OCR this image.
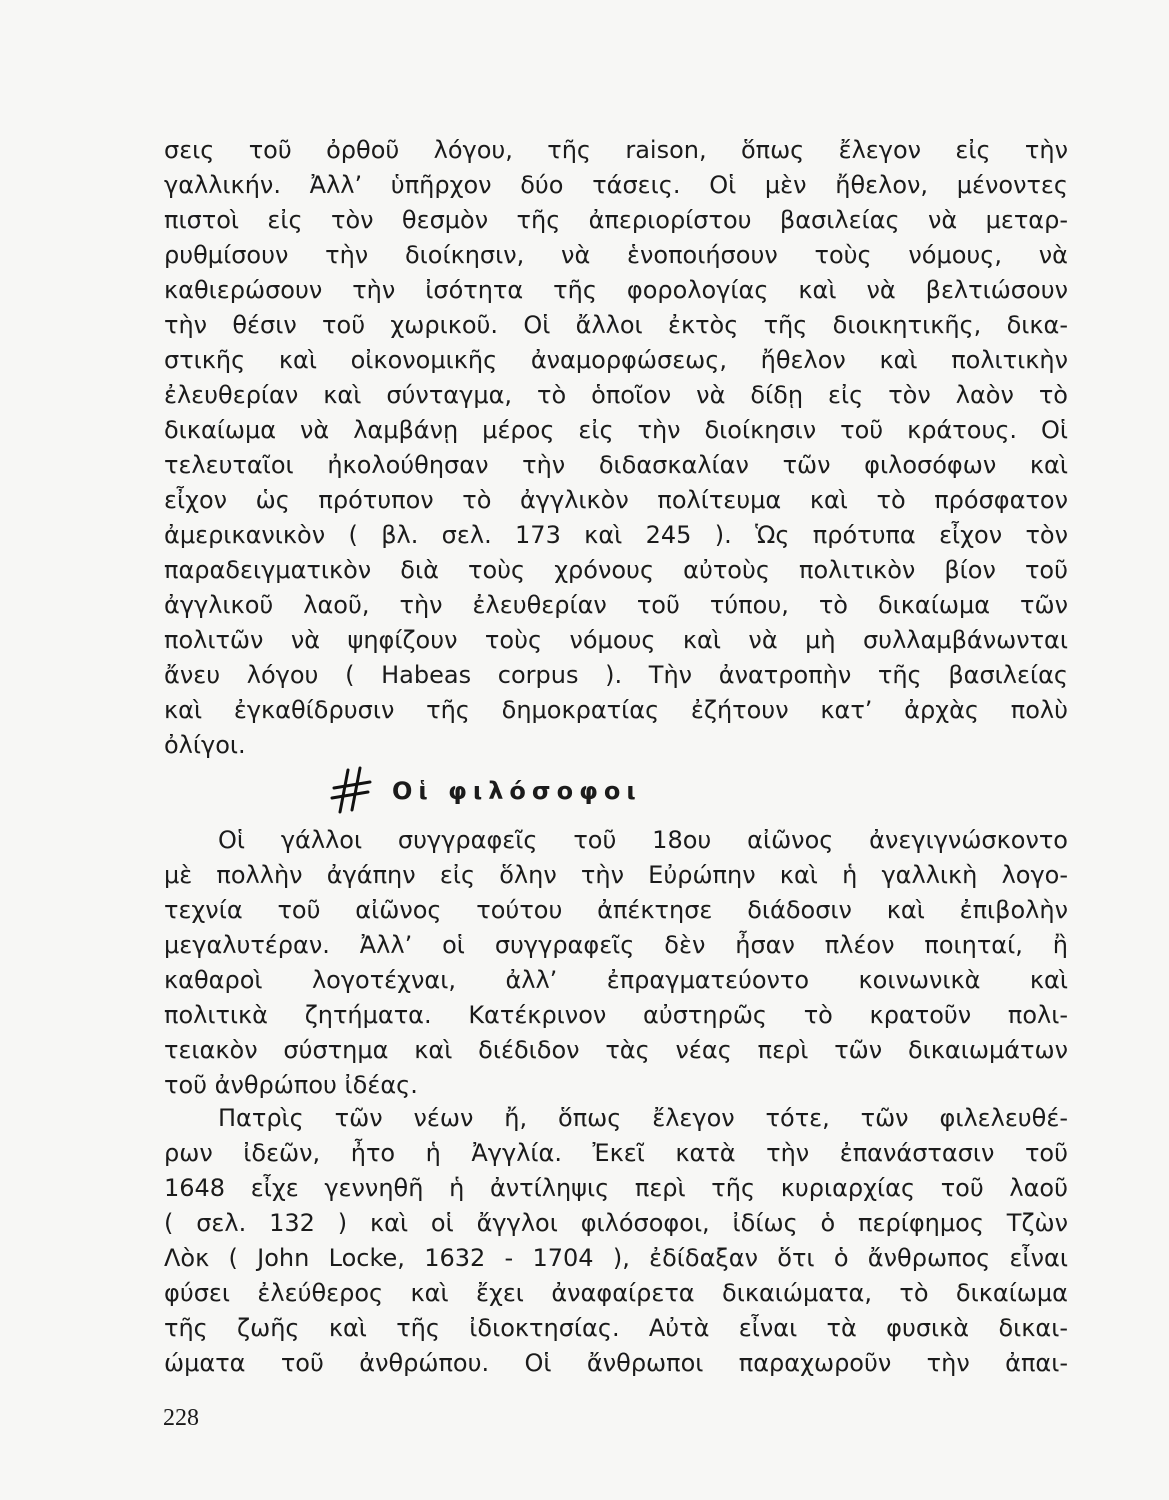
σεις τοῦ ὀρθοῦ λόγου, τῆς raison, ὅπως ἔλεγον εἰς τὴν
γαλλικήν. Ἀλλ’ ὑπῆρχον δύο τάσεις. Οἱ μὲν ἤθελον, μένοντες
πιστοὶ εἰς τὸν θεσμὸν τῆς ἀπεριορίστου βασιλείας νὰ μεταρ-
ρυθμίσουν τὴν διοίκησιν, νὰ ἑνοποιήσουν τοὺς νόμους, νὰ
καθιερώσουν τὴν ἰσότητα τῆς φορολογίας καὶ νὰ βελτιώσουν
τὴν θέσιν τοῦ χωρικοῦ. Οἱ ἄλλοι ἐκτὸς τῆς διοικητικῆς, δικα-
στικῆς καὶ οἰκονομικῆς ἀναμορφώσεως, ἤθελον καὶ πολιτικὴν
ἐλευθερίαν καὶ σύνταγμα, τὸ ὁποῖον νὰ δίδῃ εἰς τὸν λαὸν τὸ
δικαίωμα νὰ λαμβάνῃ μέρος εἰς τὴν διοίκησιν τοῦ κράτους. Οἱ
τελευταῖοι ἠκολούθησαν τὴν διδασκαλίαν τῶν φιλοσόφων καὶ
εἶχον ὡς πρότυπον τὸ ἀγγλικὸν πολίτευμα καὶ τὸ πρόσφατον
ἀμερικανικὸν ( βλ. σελ. 173 καὶ 245 ). Ὡς πρότυπα εἶχον τὸν
παραδειγματικὸν διὰ τοὺς χρόνους αὐτοὺς πολιτικὸν βίον τοῦ
ἀγγλικοῦ λαοῦ, τὴν ἐλευθερίαν τοῦ τύπου, τὸ δικαίωμα τῶν
πολιτῶν νὰ ψηφίζουν τοὺς νόμους καὶ νὰ μὴ συλλαμβάνωνται
ἄνευ λόγου ( Habeas corpus ). Τὴν ἀνατροπὴν τῆς βασιλείας
καὶ ἐγκαθίδρυσιν τῆς δημοκρατίας ἐζήτουν κατ’ ἀρχὰς πολὺ
ὀλίγοι.
Οἱ φιλόσοφοι
Οἱ γάλλοι συγγραφεῖς τοῦ 18ου αἰῶνος ἀνεγιγνώσκοντο
μὲ πολλὴν ἀγάπην εἰς ὅλην τὴν Εὐρώπην καὶ ἡ γαλλικὴ λογο-
τεχνία τοῦ αἰῶνος τούτου ἀπέκτησε διάδοσιν καὶ ἐπιβολὴν
μεγαλυτέραν. Ἀλλ’ οἱ συγγραφεῖς δὲν ἦσαν πλέον ποιηταί, ἢ
καθαροὶ λογοτέχναι, ἀλλ’ ἐπραγματεύοντο κοινωνικὰ καὶ
πολιτικὰ ζητήματα. Κατέκρινον αὐστηρῶς τὸ κρατοῦν πολι-
τειακὸν σύστημα καὶ διέδιδον τὰς νέας περὶ τῶν δικαιωμάτων
τοῦ ἀνθρώπου ἰδέας.
Πατρὶς τῶν νέων ἤ, ὅπως ἔλεγον τότε, τῶν φιλελευθέ-
ρων ἰδεῶν, ἦτο ἡ Ἀγγλία. Ἐκεῖ κατὰ τὴν ἐπανάστασιν τοῦ
1648 εἶχε γεννηθῆ ἡ ἀντίληψις περὶ τῆς κυριαρχίας τοῦ λαοῦ
( σελ. 132 ) καὶ οἱ ἄγγλοι φιλόσοφοι, ἰδίως ὁ περίφημος Τζὼν
Λὸκ ( John Locke, 1632 - 1704 ), ἐδίδαξαν ὅτι ὁ ἄνθρωπος εἶναι
φύσει ἐλεύθερος καὶ ἔχει ἀναφαίρετα δικαιώματα, τὸ δικαίωμα
τῆς ζωῆς καὶ τῆς ἰδιοκτησίας. Αὐτὰ εἶναι τὰ φυσικὰ δικαι-
ώματα τοῦ ἀνθρώπου. Οἱ ἄνθρωποι παραχωροῦν τὴν ἀπαι-
228
